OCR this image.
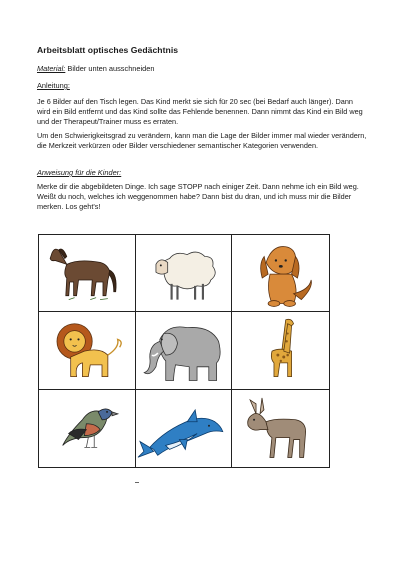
Arbeitsblatt optisches Gedächtnis
Material: Bilder unten ausschneiden
Anleitung:
Je 6 Bilder auf den Tisch legen. Das Kind merkt sie sich für 20 sec (bei Bedarf auch länger). Dann wird ein Bild entfernt und das Kind sollte das Fehlende benennen. Dann nimmt das Kind ein Bild weg und der Therapeut/Trainer muss es erraten.
Um den Schwierigkeitsgrad zu verändern, kann man die Lage der Bilder immer mal wieder verändern, die Merkzeit verkürzen oder Bilder verschiedener semantischer Kategorien verwenden.
Anweisung für die Kinder:
Merke dir die abgebildeten Dinge. Ich sage STOPP nach einiger Zeit. Dann nehme ich ein Bild weg. Weißt du noch, welches ich weggenommen habe? Dann bist du dran, und ich muss mir die Bilder merken. Los geht's!
